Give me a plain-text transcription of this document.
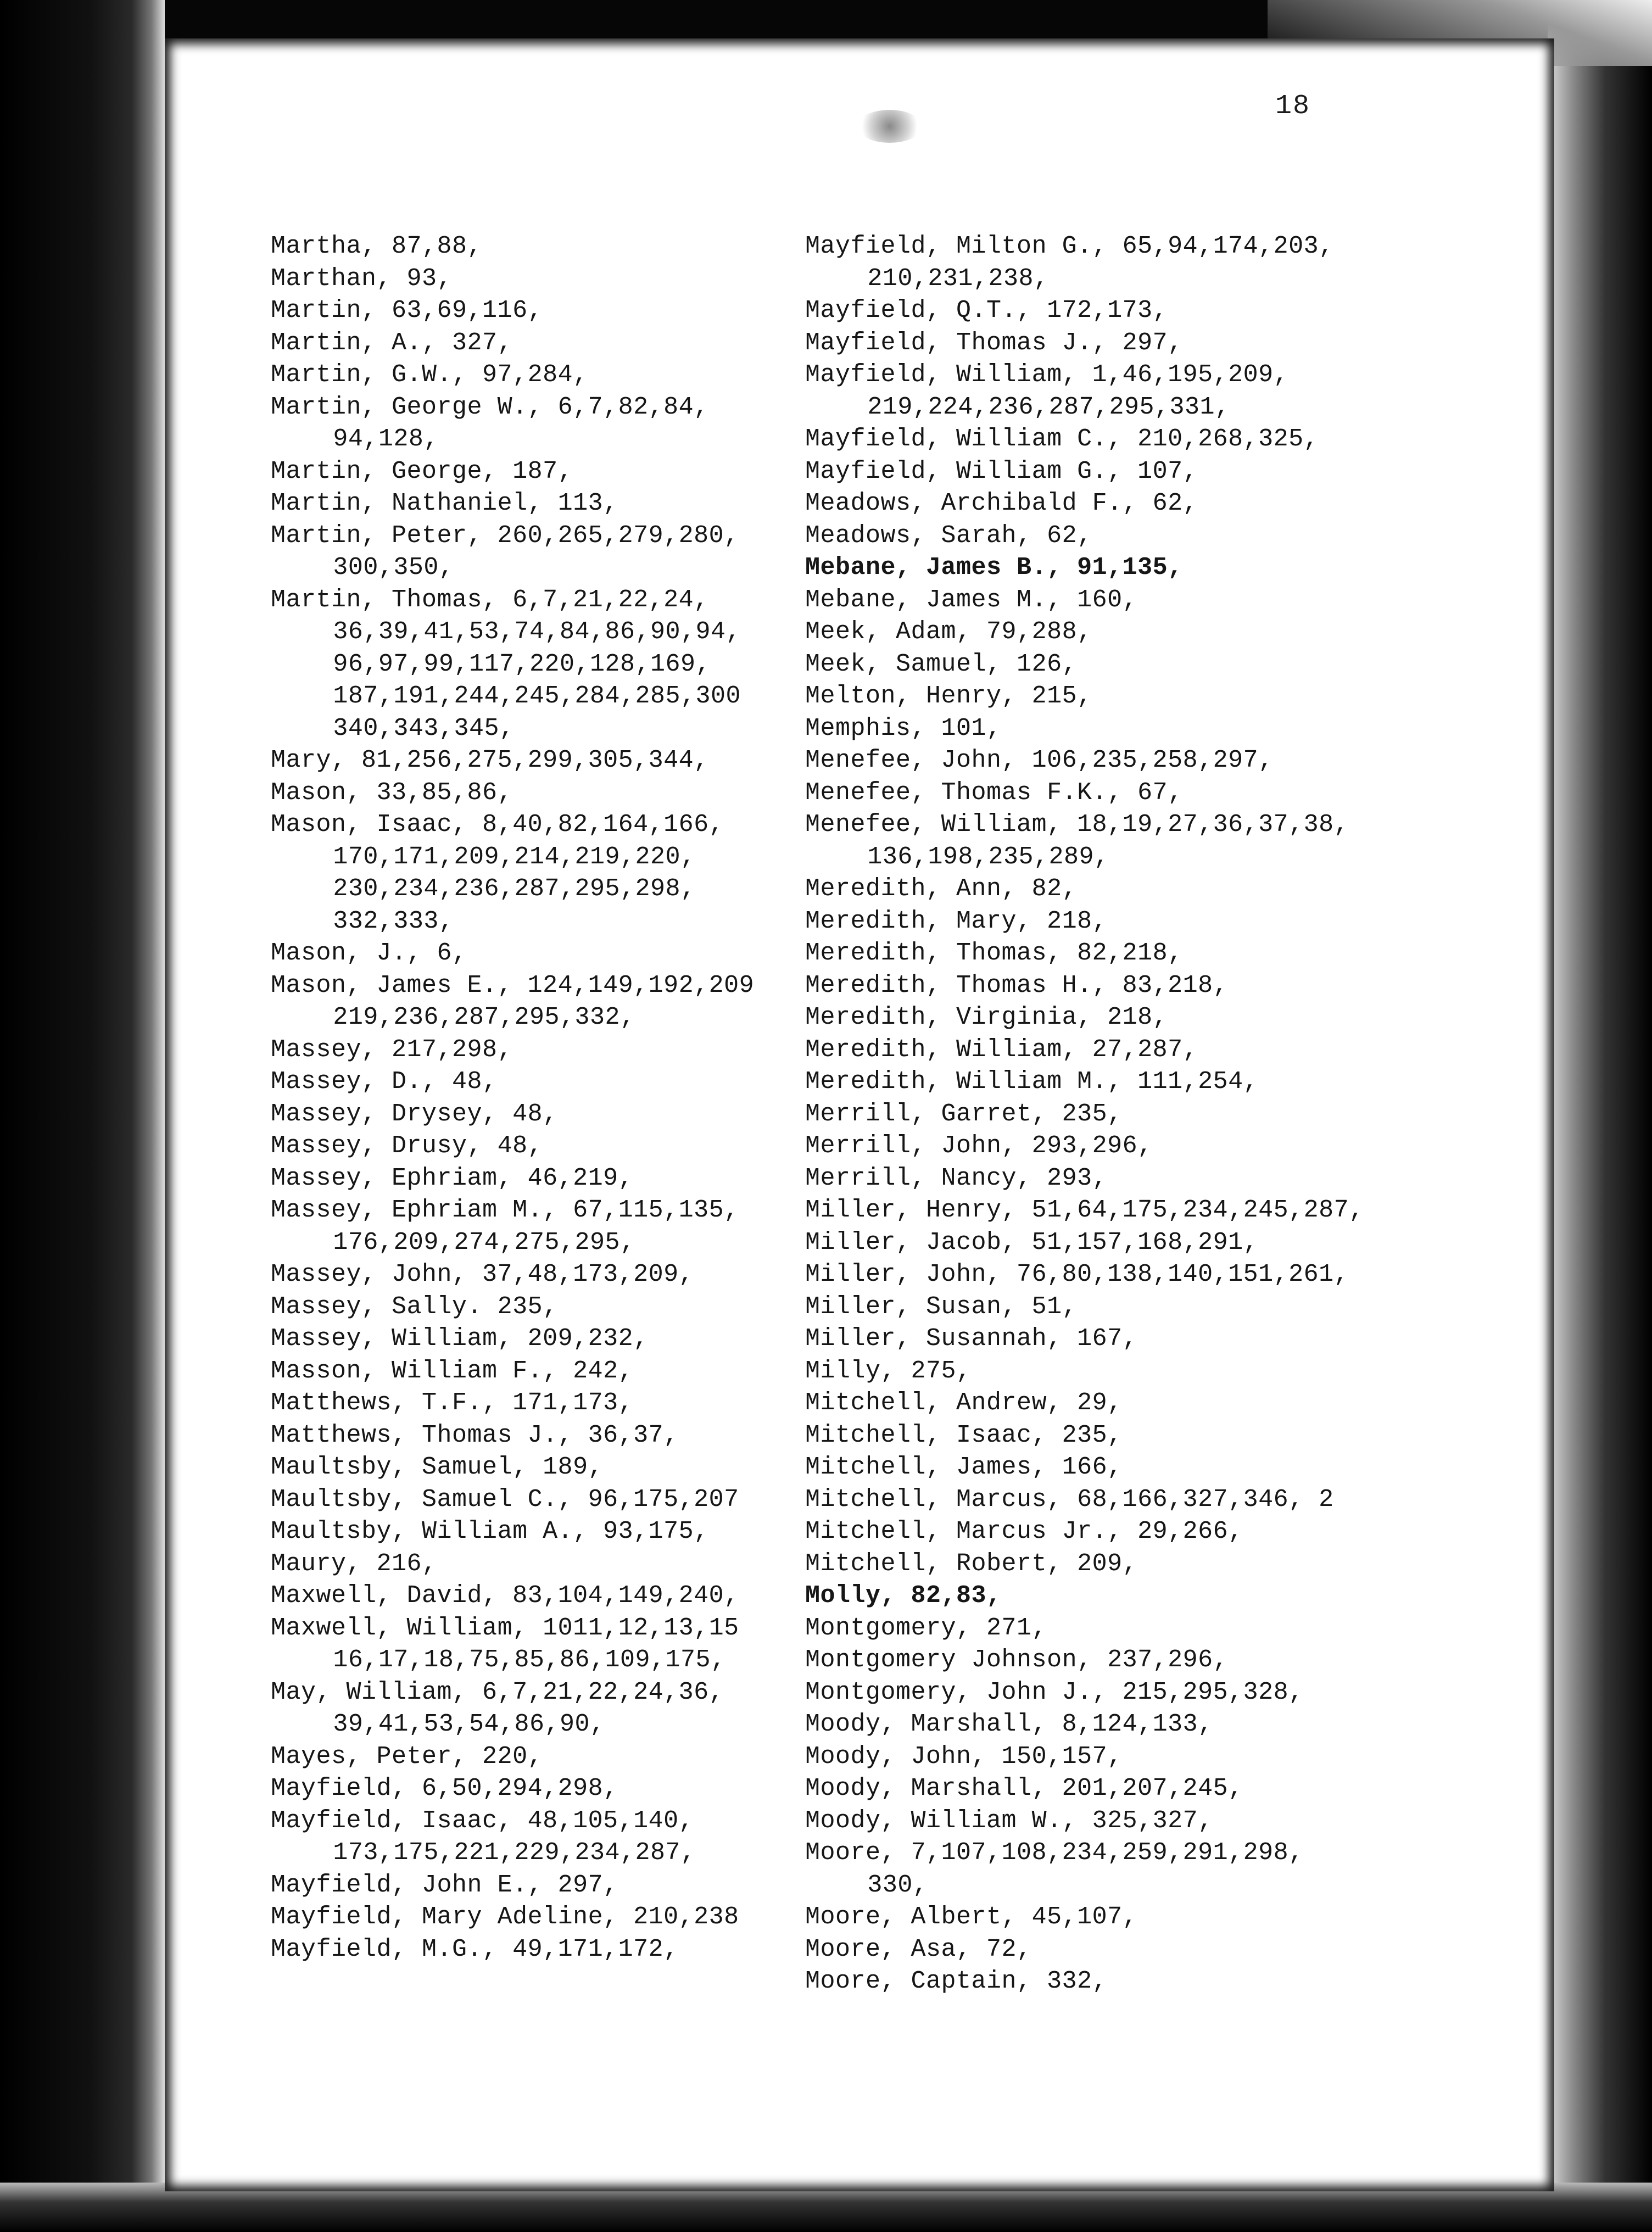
18
Martha, 87,88,
Marthan, 93,
Martin, 63,69,116,
Martin, A., 327,
Martin, G.W., 97,284,
Martin, George W., 6,7,82,84,
94,128,
Martin, George, 187,
Martin, Nathaniel, 113,
Martin, Peter, 260,265,279,280,
300,350,
Martin, Thomas, 6,7,21,22,24,
36,39,41,53,74,84,86,90,94,
96,97,99,117,220,128,169,
187,191,244,245,284,285,300
340,343,345,
Mary, 81,256,275,299,305,344,
Mason, 33,85,86,
Mason, Isaac, 8,40,82,164,166,
170,171,209,214,219,220,
230,234,236,287,295,298,
332,333,
Mason, J., 6,
Mason, James E., 124,149,192,209
219,236,287,295,332,
Massey, 217,298,
Massey, D., 48,
Massey, Drysey, 48,
Massey, Drusy, 48,
Massey, Ephriam, 46,219,
Massey, Ephriam M., 67,115,135,
176,209,274,275,295,
Massey, John, 37,48,173,209,
Massey, Sally. 235,
Massey, William, 209,232,
Masson, William F., 242,
Matthews, T.F., 171,173,
Matthews, Thomas J., 36,37,
Maultsby, Samuel, 189,
Maultsby, Samuel C., 96,175,207
Maultsby, William A., 93,175,
Maury, 216,
Maxwell, David, 83,104,149,240,
Maxwell, William, 1011,12,13,15
16,17,18,75,85,86,109,175,
May, William, 6,7,21,22,24,36,
39,41,53,54,86,90,
Mayes, Peter, 220,
Mayfield, 6,50,294,298,
Mayfield, Isaac, 48,105,140,
173,175,221,229,234,287,
Mayfield, John E., 297,
Mayfield, Mary Adeline, 210,238
Mayfield, M.G., 49,171,172,
Mayfield, Milton G., 65,94,174,203,
210,231,238,
Mayfield, Q.T., 172,173,
Mayfield, Thomas J., 297,
Mayfield, William, 1,46,195,209,
219,224,236,287,295,331,
Mayfield, William C., 210,268,325,
Mayfield, William G., 107,
Meadows, Archibald F., 62,
Meadows, Sarah, 62,
Mebane, James B., 91,135,
Mebane, James M., 160,
Meek, Adam, 79,288,
Meek, Samuel, 126,
Melton, Henry, 215,
Memphis, 101,
Menefee, John, 106,235,258,297,
Menefee, Thomas F.K., 67,
Menefee, William, 18,19,27,36,37,38,
136,198,235,289,
Meredith, Ann, 82,
Meredith, Mary, 218,
Meredith, Thomas, 82,218,
Meredith, Thomas H., 83,218,
Meredith, Virginia, 218,
Meredith, William, 27,287,
Meredith, William M., 111,254,
Merrill, Garret, 235,
Merrill, John, 293,296,
Merrill, Nancy, 293,
Miller, Henry, 51,64,175,234,245,287,
Miller, Jacob, 51,157,168,291,
Miller, John, 76,80,138,140,151,261,
Miller, Susan, 51,
Miller, Susannah, 167,
Milly, 275,
Mitchell, Andrew, 29,
Mitchell, Isaac, 235,
Mitchell, James, 166,
Mitchell, Marcus, 68,166,327,346, 2
Mitchell, Marcus Jr., 29,266,
Mitchell, Robert, 209,
Molly, 82,83,
Montgomery, 271,
Montgomery Johnson, 237,296,
Montgomery, John J., 215,295,328,
Moody, Marshall, 8,124,133,
Moody, John, 150,157,
Moody, Marshall, 201,207,245,
Moody, William W., 325,327,
Moore, 7,107,108,234,259,291,298,
330,
Moore, Albert, 45,107,
Moore, Asa, 72,
Moore, Captain, 332,
